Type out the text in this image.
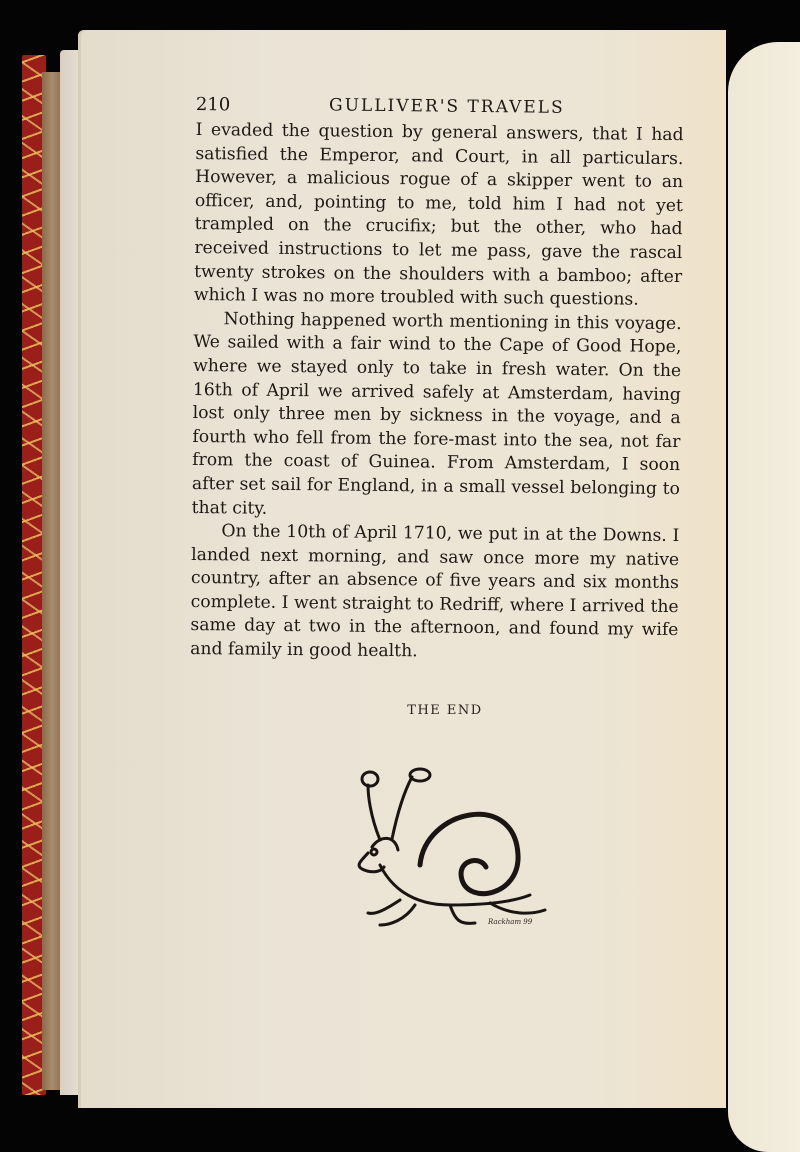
210	GULLIVER'S TRAVELS

I evaded the question by general answers, that I had satisfied the Emperor, and Court, in all particulars. However, a malicious rogue of a skipper went to an officer, and, pointing to me, told him I had not yet trampled on the crucifix; but the other, who had received instructions to let me pass, gave the rascal twenty strokes on the shoulders with a bamboo; after which I was no more troubled with such questions.

Nothing happened worth mentioning in this voyage. We sailed with a fair wind to the Cape of Good Hope, where we stayed only to take in fresh water. On the 16th of April we arrived safely at Amsterdam, having lost only three men by sickness in the voyage, and a fourth who fell from the fore-mast into the sea, not far from the coast of Guinea. From Amsterdam, I soon after set sail for England, in a small vessel belonging to that city.

On the 10th of April 1710, we put in at the Downs. I landed next morning, and saw once more my native country, after an absence of five years and six months complete. I went straight to Redriff, where I arrived the same day at two in the afternoon, and found my wife and family in good health.

THE END
Rackham 99
